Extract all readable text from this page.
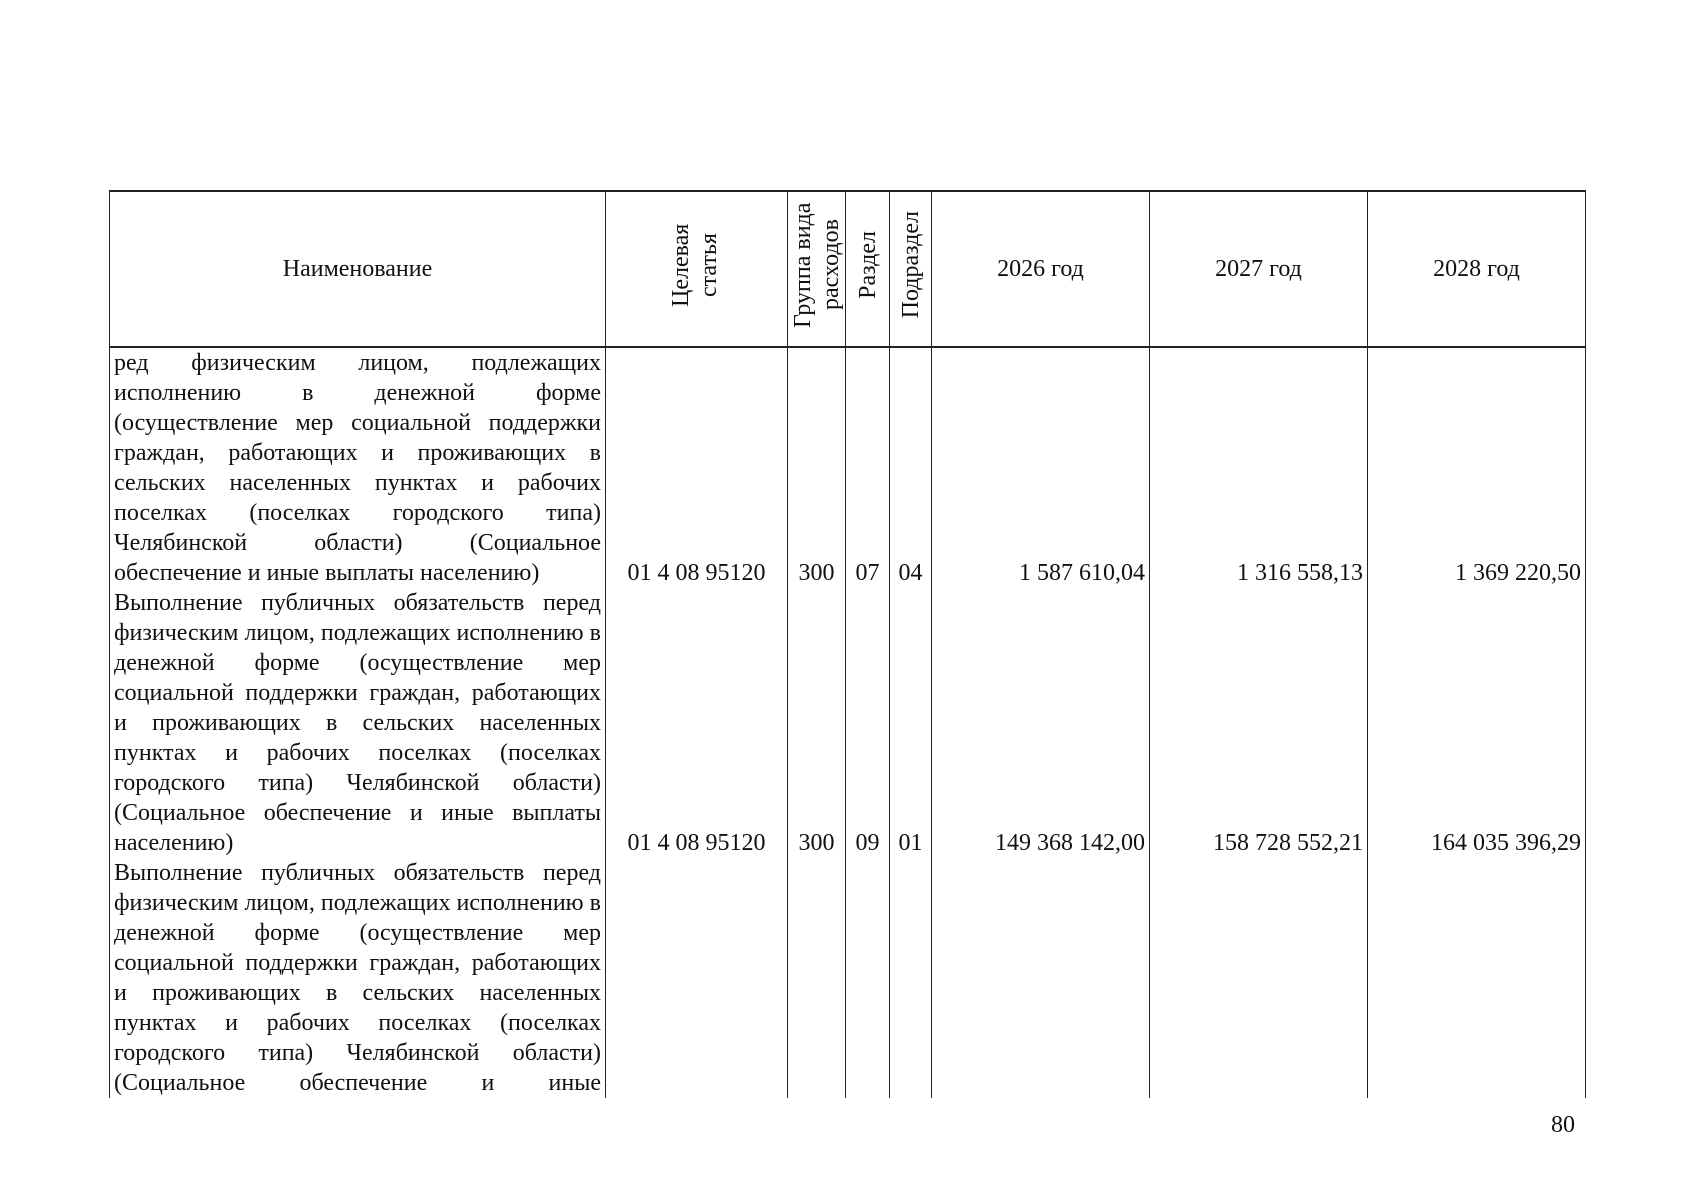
Наименование	Целевая статья	Группа вида расходов	Раздел	Подраздел	2026 год	2027 год	2028 год
ред физическим лицом, подлежащих исполнению в денежной форме (осуществление мер социальной поддержки граждан, работающих и проживающих в сельских населенных пунктах и рабочих поселках (поселках городского типа) Челябинской области) (Социальное обеспечение и иные выплаты населению)	01 4 08 95120	300	07	04	1 587 610,04	1 316 558,13	1 369 220,50
Выполнение публичных обязательств перед физическим лицом, подлежащих исполнению в денежной форме (осуществление мер социальной поддержки граждан, работающих и проживающих в сельских населенных пунктах и рабочих поселках (поселках городского типа) Челябинской области) (Социальное обеспечение и иные выплаты населению)	01 4 08 95120	300	09	01	149 368 142,00	158 728 552,21	164 035 396,29
Выполнение публичных обязательств перед физическим лицом, подлежащих исполнению в денежной форме (осуществление мер социальной поддержки граждан, работающих и проживающих в сельских населенных пунктах и рабочих поселках (поселках городского типа) Челябинской области) (Социальное обеспечение и иные							
80
